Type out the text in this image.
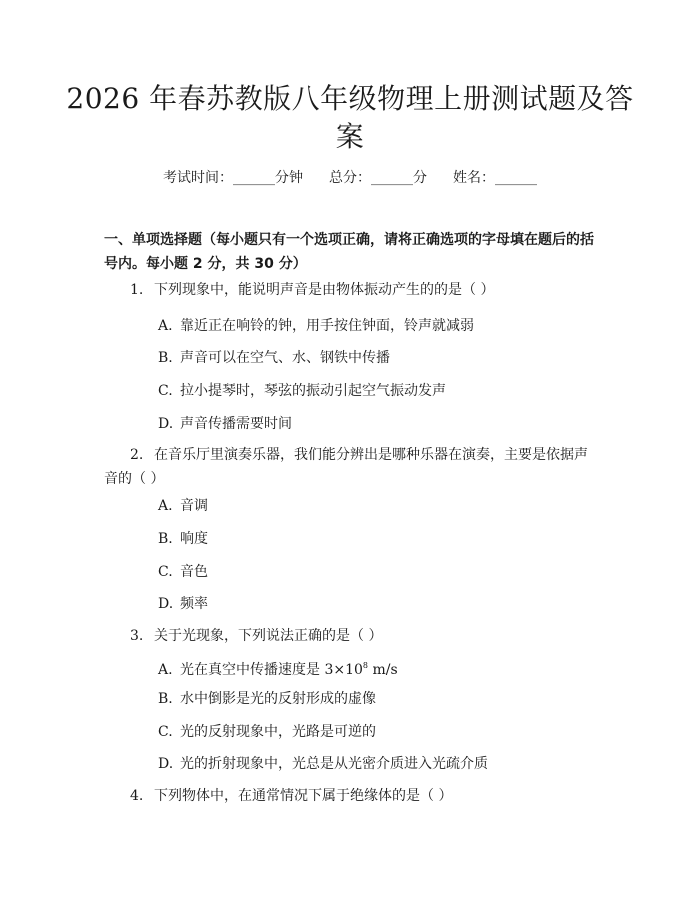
2026 年春苏教版八年级物理上册测试题及答案
考试时间：______分钟 总分：______分 姓名：______
一、单项选择题（每小题只有一个选项正确，请将正确选项的字母填在题后的括号内。每小题 2 分，共 30 分）
1. 下列现象中，能说明声音是由物体振动产生的的是（ ）
A. 靠近正在响铃的钟，用手按住钟面，铃声就减弱
B. 声音可以在空气、水、钢铁中传播
C. 拉小提琴时，琴弦的振动引起空气振动发声
D. 声音传播需要时间
2. 在音乐厅里演奏乐器，我们能分辨出是哪种乐器在演奏，主要是依据声音的（ ）
A. 音调
B. 响度
C. 音色
D. 频率
3. 关于光现象，下列说法正确的是（ ）
A. 光在真空中传播速度是 $3\times 10^8$ m/s
B. 水中倒影是光的反射形成的虚像
C. 光的反射现象中，光路是可逆的
D. 光的折射现象中，光总是从光密介质进入光疏介质
4. 下列物体中，在通常情况下属于绝缘体的是（ ）
